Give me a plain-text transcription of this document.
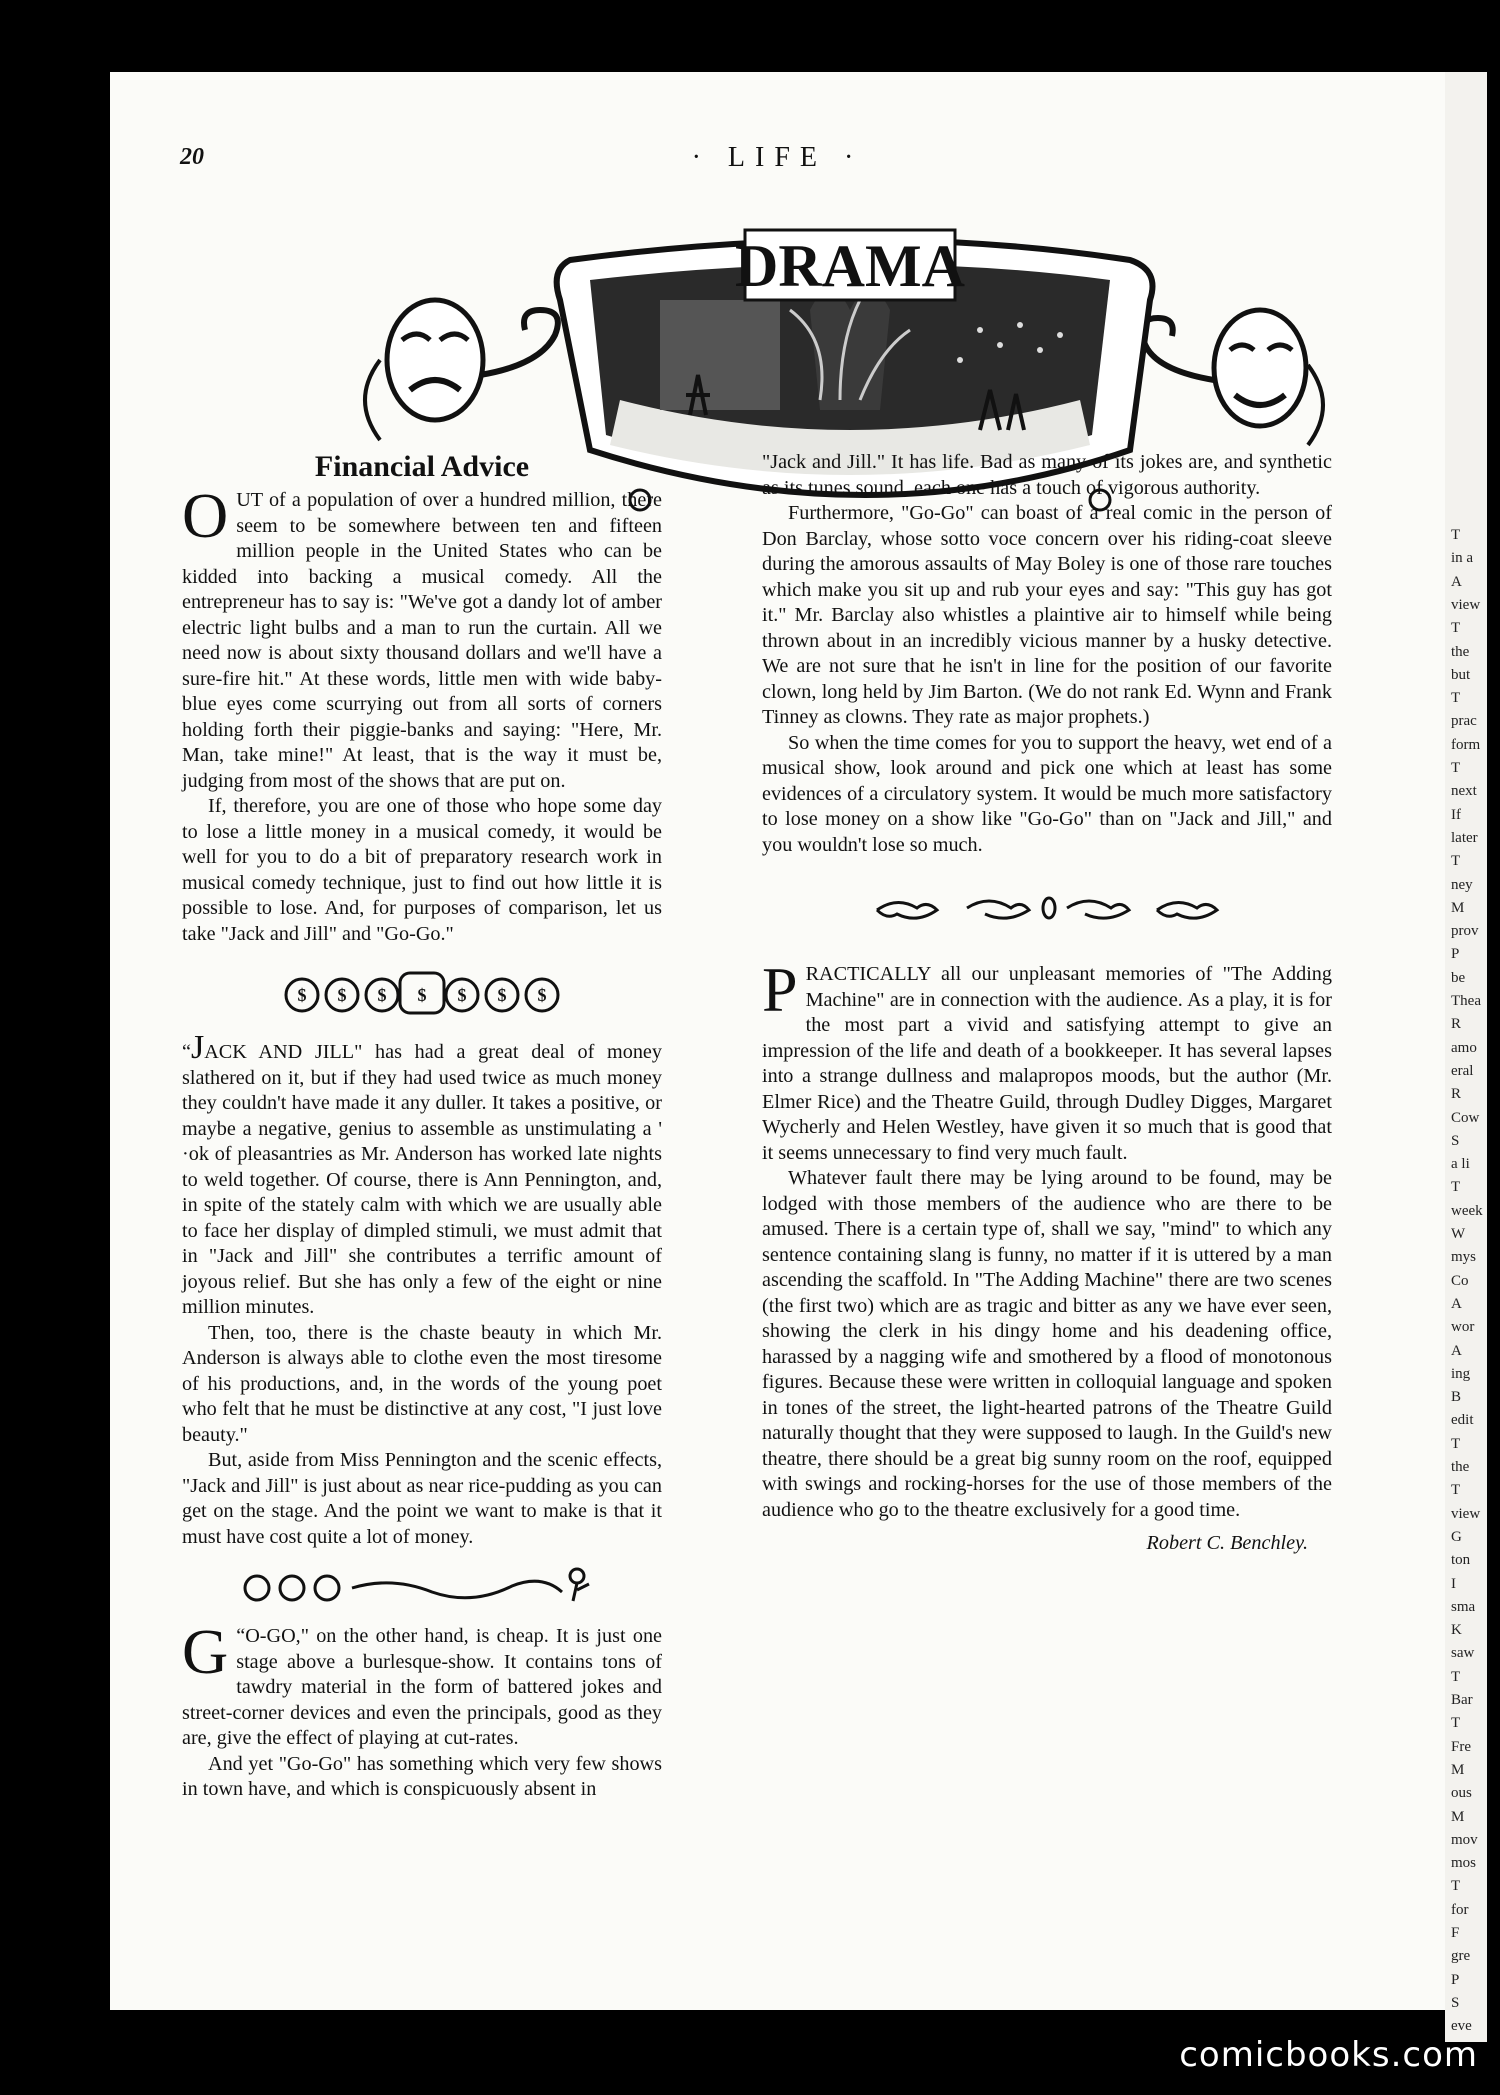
20	· LIFE ·
DRAMA
Financial Advice

OUT of a population of over a hundred million, there seem to be somewhere between ten and fifteen million people in the United States who can be kidded into backing a musical comedy. All the entrepreneur has to say is: "We've got a dandy lot of amber electric light bulbs and a man to run the curtain. All we need now is about sixty thousand dollars and we'll have a sure-fire hit." At these words, little men with wide baby-blue eyes come scurrying out from all sorts of corners holding forth their piggie-banks and saying: "Here, Mr. Man, take mine!" At least, that is the way it must be, judging from most of the shows that are put on.

If, therefore, you are one of those who hope some day to lose a little money in a musical comedy, it would be well for you to do a bit of preparatory research work in musical comedy technique, just to find out how little it is possible to lose. And, for purposes of comparison, let us take "Jack and Jill" and "Go-Go."

$ $ $ $ $ $ $

“JACK AND JILL" has had a great deal of money slathered on it, but if they had used twice as much money they couldn't have made it any duller. It takes a positive, or maybe a negative, genius to assemble as unstimulating a ' ·ok of pleasantries as Mr. Anderson has worked late nights to weld together. Of course, there is Ann Pennington, and, in spite of the stately calm with which we are usually able to face her display of dimpled stimuli, we must admit that in "Jack and Jill" she contributes a terrific amount of joyous relief. But she has only a few of the eight or nine million minutes.

Then, too, there is the chaste beauty in which Mr. Anderson is always able to clothe even the most tiresome of his productions, and, in the words of the young poet who felt that he must be distinctive at any cost, "I just love beauty."

But, aside from Miss Pennington and the scenic effects, "Jack and Jill" is just about as near rice-pudding as you can get on the stage. And the point we want to make is that it must have cost quite a lot of money.

“
G O-GO," on the other hand, is cheap. It is just one stage above a burlesque-show. It contains tons of tawdry material in the form of battered jokes and street-corner devices and even the principals, good as they are, give the effect of playing at cut-rates.

And yet "Go-Go" has something which very few shows in town have, and which is conspicuously absent in

"Jack and Jill." It has life. Bad as many of its jokes are, and synthetic as its tunes sound, each one has a touch of vigorous authority.

Furthermore, "Go-Go" can boast of a real comic in the person of Don Barclay, whose sotto voce concern over his riding-coat sleeve during the amorous assaults of May Boley is one of those rare touches which make you sit up and rub your eyes and say: "This guy has got it." Mr. Barclay also whistles a plaintive air to himself while being thrown about in an incredibly vicious manner by a husky detective. We are not sure that he isn't in line for the position of our favorite clown, long held by Jim Barton. (We do not rank Ed. Wynn and Frank Tinney as clowns. They rate as major prophets.)

So when the time comes for you to support the heavy, wet end of a musical show, look around and pick one which at least has some evidences of a circulatory system. It would be much more satisfactory to lose money on a show like "Go-Go" than on "Jack and Jill," and you wouldn't lose so much.

PRACTICALLY all our unpleasant memories of "The Adding Machine" are in connection with the audience. As a play, it is for the most part a vivid and satisfying attempt to give an impression of the life and death of a bookkeeper. It has several lapses into a strange dullness and malapropos moods, but the author (Mr. Elmer Rice) and the Theatre Guild, through Dudley Digges, Margaret Wycherly and Helen Westley, have given it so much that is good that it seems unnecessary to find very much fault.

Whatever fault there may be lying around to be found, may be lodged with those members of the audience who are there to be amused. There is a certain type of, shall we say, "mind" to which any sentence containing slang is funny, no matter if it is uttered by a man ascending the scaffold. In "The Adding Machine" there are two scenes (the first two) which are as tragic and bitter as any we have ever seen, showing the clerk in his dingy home and his deadening office, harassed by a nagging wife and smothered by a flood of monotonous figures. Because these were written in colloquial language and spoken in tones of the street, the light-hearted patrons of the Theatre Guild naturally thought that they were supposed to laugh. In the Guild's new theatre, there should be a great big sunny room on the roof, equipped with swings and rocking-horses for the use of those members of the audience who go to the theatre exclusively for a good time.

Robert C. Benchley.
T
in a
A
view
T
the
but
T
prac
form
T
next
If
later
T
ney
M
prov
P
be
Thea
R
amo
eral
R
Cow
S
a li
T
week
W
mys
Co
A
wor
A
ing
B
edit
T
the
T
view
G
ton
I
sma
K
saw
T
Bar
T
Fre
M
ous
M
mov
mos
T
for
F
gre
P
S
eve
comicbooks.com
